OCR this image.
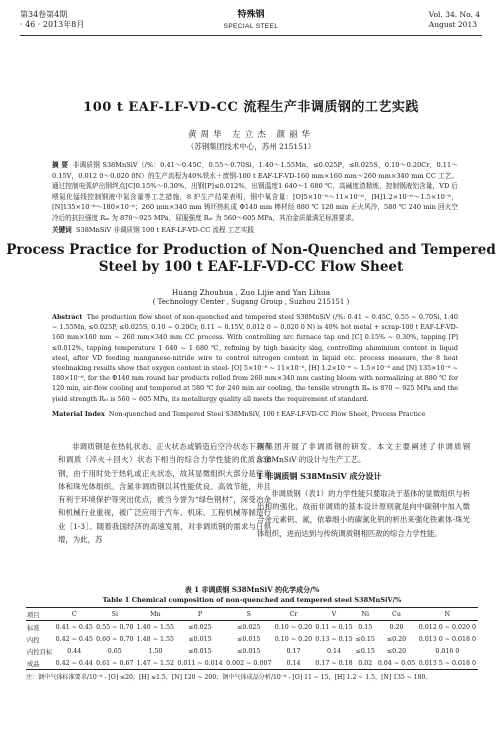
第34卷第4期
· 46 · 2013年8月
特殊钢
SPECIAL STEEL
Vol. 34. No. 4
August 2013
100 t EAF-LF-VD-CC 流程生产非调质钢的工艺实践
黄周华 左立杰 颜丽华
（苏钢集团技术中心，苏州 215151）
摘 要 非调质钢 S38MnSiV（/%：0.41～0.45C，0.55～0.70Si，1.40～1.55Mn，≤0.025P，≤0.025S，0.10～0.20Cr，0.11～0.15V，0.012 0～0.020 0N）的生产流程为40%铁水＋废钢-100 t EAF-LF-VD-160 mm×160 mm～260 mm×340 mm CC 工艺。通过控制电弧炉出钢终点[C]0.15%～0.30%，出钢[P]≤0.012%，出钢温度1 640～1 680 ℃，高碱度渣精炼，控制钢液铝含量，VD 后喂氮化锰线控制钢液中氮含量等工艺措施，8 炉生产结果表明，钢中氧含量：[O]5×10⁻⁶～11×10⁻⁶，[H]1.2×10⁻⁶～1.5×10⁻⁶，[N]135×10⁻⁶～180×10⁻⁶；260 mm×340 mm 铸坯热轧成 Φ140 mm 棒材经 880 ℃ 120 min 正火风冷，580 ℃ 240 min 回火空冷后的抗拉强度 Rₘ 为 870～925 MPa，屈服强度 Rₑₗ 为 560～605 MPa，其冶金质量满足标准要求。
关键词 S38MnSiV 非调质钢 100 t EAF-LF-VD-CC 流程 工艺实践
Process Practice for Production of Non-Quenched and Tempered Steel by 100 t EAF-LF-VD-CC Flow Sheet
Huang Zhouhua , Zuo Lijie and Yan Lihua
( Technology Center , Sugang Group , Suzhou 215151 )
Abstract The production flow sheet of non-quenched and tempered steel S38MnSiV (/%: 0.41 ~ 0.45C, 0.55 ~ 0.70Si, 1.40 ~ 1.55Mn, ≤0.025P, ≤0.025S, 0.10 ~ 0.20Cr, 0.11 ~ 0.15V, 0.012 0 ~ 0.020 0 N) is 40% hot metal + scrap-100 t EAF-LF-VD-160 mm×160 mm ~ 260 mm×340 mm CC process. With controlling arc furnace tap end [C] 0.15% ~ 0.30%, tapping [P] ≤0.012%, tapping temperature 1 640 ~ 1 680 ℃, refining by high basicity slag, controlling aluminium content in liquid steel, after VD feeding manganese-nitride wire to control nitrogen content in liquid etc. process measure, the 8 heat steelmaking results show that oxygen content in steel- [O] 5×10⁻⁶ ~ 11×10⁻⁶, [H] 1.2×10⁻⁶ ~ 1.5×10⁻⁶ and [N] 135×10⁻⁶ ~ 180×10⁻⁶, for the Φ140 mm round bar products rolled from 260 mm×340 mm casting bloom with normalizing at 880 ℃ for 120 min, air-flow cooling and tempered at 580 ℃ for 240 min air cooling, the tensile strength Rₘ is 870 ~ 925 MPa and the yield strength Rₑₗ is 560 ~ 605 MPa, its metallurgy quality all meets the requirement of standard.
Material Index Non-quenched and Tempered Steel S38MnSiV, 100 t EAF-LF-VD-CC Flow Sheet, Process Practice
非调质钢是在热轧状态、正火状态或锻造后空冷状态下具有和调质（淬火＋回火）状态下相当的综合力学性能的优质合金钢，由于用时处于热轧或正火状态，故其显微组织大部分是铁素体和珠光体组织。含氮非调质钢以其性能优良、高效节能，并且有利于环境保护等突出优点，被当今誉为“绿色钢材”，深受冶金和机械行业重视，被广泛应用于汽车、机床、工程机械等制造行业［1-3］。随着我国经济的高速发展，对非调质钢的需求与日俱增，为此，苏
钢集团开展了非调质钢的研发。本文主要阐述了非调质钢 S38MnSiV 的设计与生产工艺。
1 非调质钢 S38MnSiV 成分设计
非调质钢（表1）的力学性能只要取决于基体的显微组织与析出相的强化，故而非调质的基本设计原则就是向中碳钢中加入微合金元素钒、氮，依靠细小的碳氮化钒的析出来强化铁素体-珠光体组织，进而达到与传统调质钢相匹敌的综合力学性能。
表 1 非调质钢 S38MnSiV 的化学成分/%
Table 1 Chemical composition of non-quenched and tempered steel S38MnSiV/%
项目	C	Si	Mn	P	S	Cr	V	Ni	Cu	N
标准	0.41 ~ 0.45	0.55 ~ 0.70	1.40 ~ 1.55	≤0.025	≤0.025	0.10 ~ 0.20	0.11 ~ 0.15	0.15	0.20	0.012 0 ~ 0.020 0
内控	0.42 ~ 0.45	0.60 ~ 0.70	1.48 ~ 1.55	≤0.015	≤0.015	0.10 ~ 0.20	0.13 ~ 0.15	≤0.15	≤0.20	0.013 0 ~ 0.018 0
内控目标	0.44	0.65	1.50	≤0.015	≤0.015	0.17	0.14	≤0.15	≤0.20	0.016 0
成品	0.42 ~ 0.44	0.61 ~ 0.67	1.47 ~ 1.52	0.011 ~ 0.014	0.002 ~ 0.007	0.14	0.17 ~ 0.18	0.02	0.04 ~ 0.05	0.013 5 ~ 0.018 0
注：钢中气体标准要求/10⁻⁶ - [O] ≤20，[H] ≤1.5，[N] 120 ~ 200；钢中气体成品分析/10⁻⁶ - [O] 11 ~ 15，[H] 1.2 ~ 1.5，[N] 135 ~ 180。
